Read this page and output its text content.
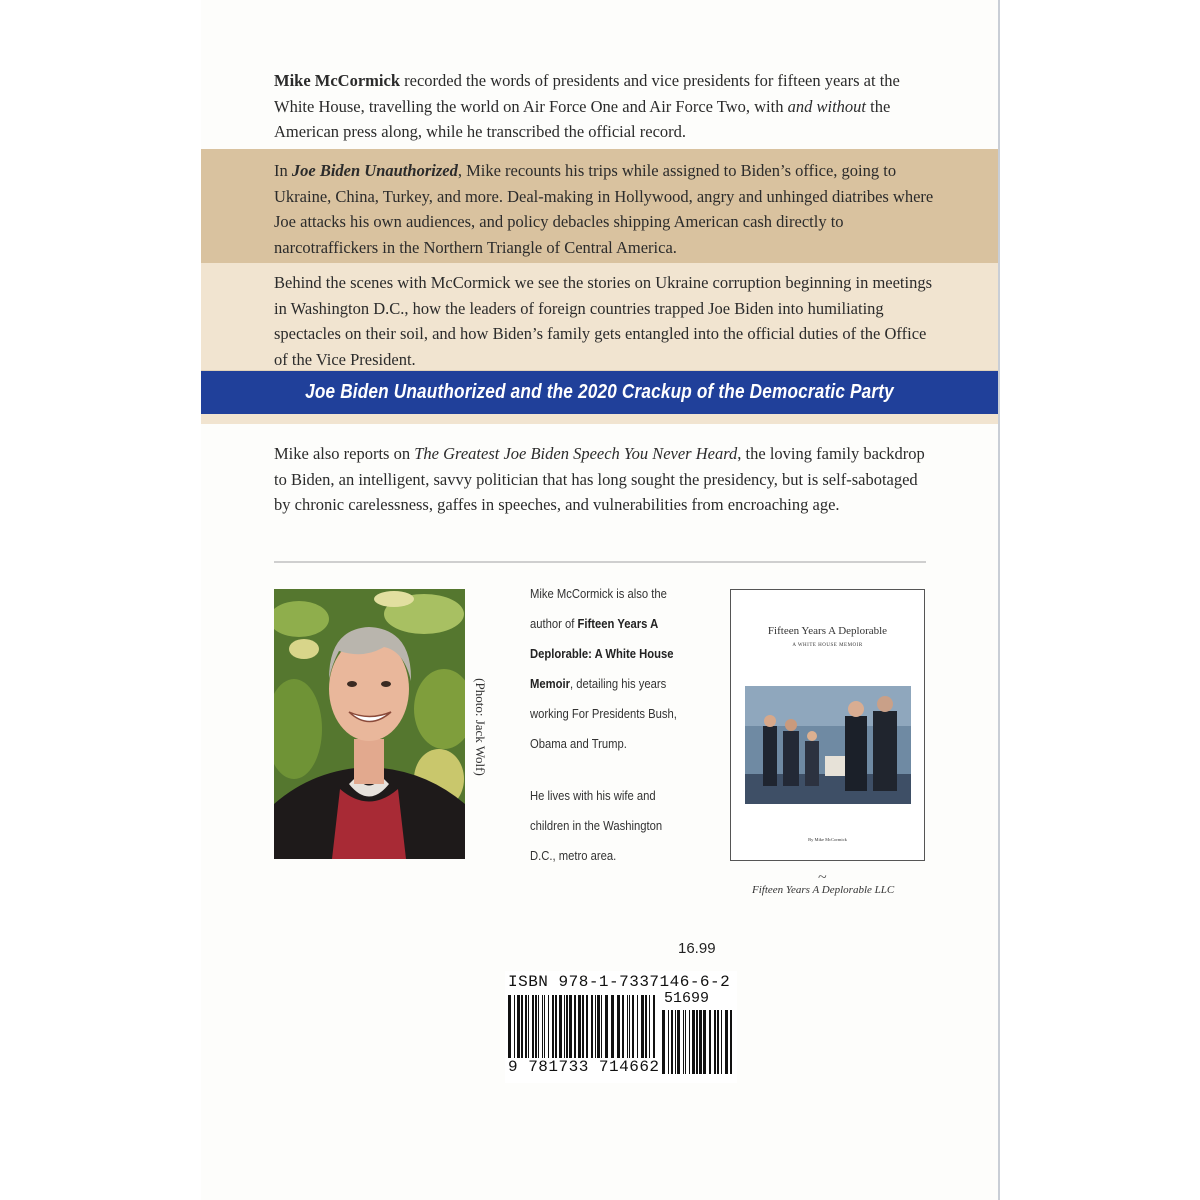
Mike McCormick recorded the words of presidents and vice presidents for fifteen years at the White House, travelling the world on Air Force One and Air Force Two, with and without the American press along, while he transcribed the official record.
In Joe Biden Unauthorized, Mike recounts his trips while assigned to Biden’s office, going to Ukraine, China, Turkey, and more. Deal-making in Hollywood, angry and unhinged diatribes where Joe attacks his own audiences, and policy debacles shipping American cash directly to narcotraffickers in the Northern Triangle of Central America.
Behind the scenes with McCormick we see the stories on Ukraine corruption beginning in meetings in Washington D.C., how the leaders of foreign countries trapped Joe Biden into humiliating spectacles on their soil, and how Biden’s family gets entangled into the official duties of the Office of the Vice President.
Joe Biden Unauthorized and the 2020 Crackup of the Democratic Party
Mike also reports on The Greatest Joe Biden Speech You Never Heard, the loving family backdrop to Biden, an intelligent, savvy politician that has long sought the presidency, but is self-sabotaged by chronic carelessness, gaffes in speeches, and vulnerabilities from encroaching age.
(Photo: Jack Wolf)
Mike McCormick is also the author of Fifteen Years A Deplorable: A White House Memoir, detailing his years working For Presidents Bush, Obama and Trump.
He lives with his wife and children in the Washington D.C., metro area.
Fifteen Years A Deplorable
A WHITE HOUSE MEMOIR
By Mike McCormick
~
Fifteen Years A Deplorable LLC
16.99
ISBN 978-1-7337146-6-2
51699
9 781733 714662
